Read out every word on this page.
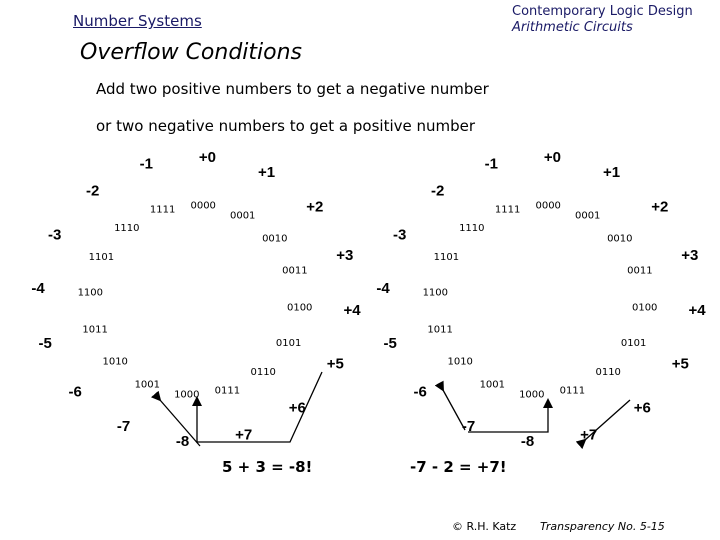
Number Systems
Contemporary Logic Design
Arithmetic Circuits
Overflow Conditions
Add two positive numbers to get a negative number
or two negative numbers to get a positive number
0000
+0
0001
+1
0010
+2
0011
+3
0100 +4
0101
+5
0110
+6
0111
+7
1000
-8
1001
-7
1010
-6
1011
-5
1100
-4
1101
-3	1110
-2
1111
-1
0000
+0
0001
+1
0010
+2
0011
+3
0100 +4
0101
+5
0110
+6
0111
+7
1000
-8
1001
-7
1010
-6
1011
-5
1100
-4
1101
-3	1110
-2
1111
-1
5 + 3 = -8!	-7 - 2 = +7!
© R.H. Katz Transparency No. 5-15
